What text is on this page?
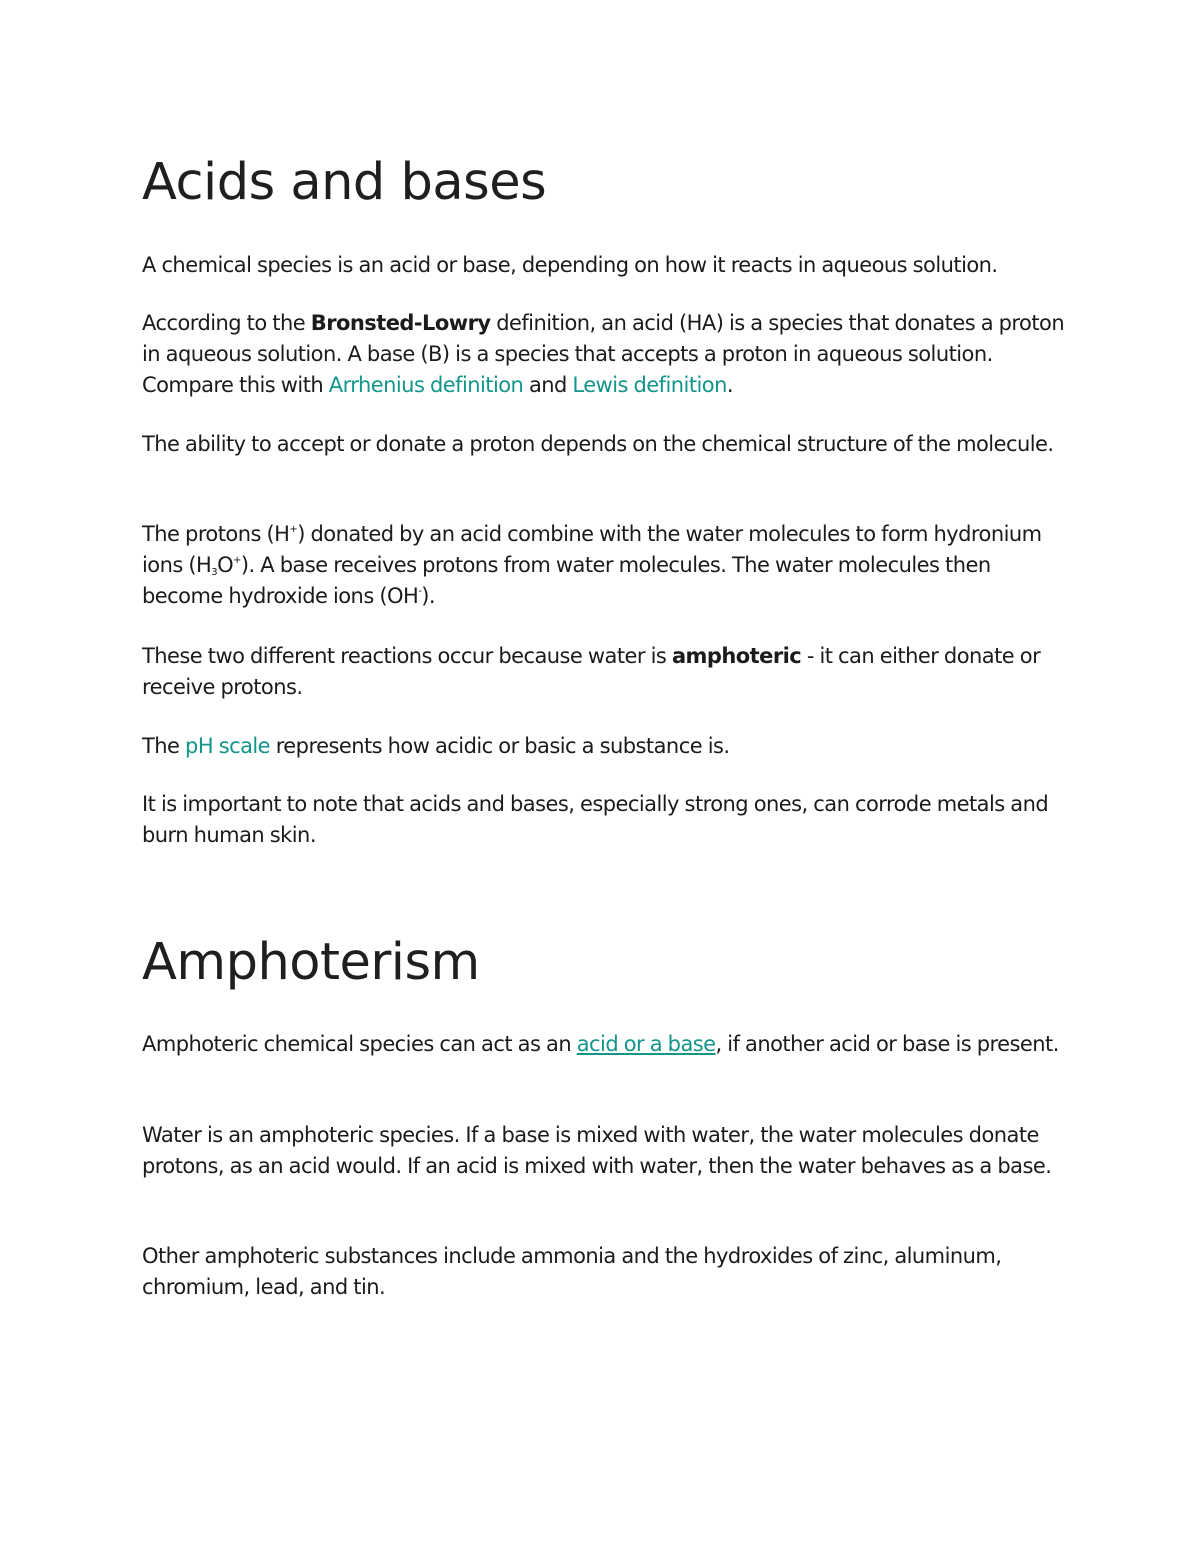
Acids and bases

A chemical species is an acid or base, depending on how it reacts in aqueous solution.

According to the Bronsted-Lowry definition, an acid (HA) is a species that donates a proton in aqueous solution. A base (B) is a species that accepts a proton in aqueous solution. Compare this with Arrhenius definition and Lewis definition.

The ability to accept or donate a proton depends on the chemical structure of the molecule.

The protons (H+) donated by an acid combine with the water molecules to form hydronium ions $(H_3O^+)$. A base receives protons from water molecules. The water molecules then become hydroxide ions (OH-).

These two different reactions occur because water is amphoteric - it can either donate or receive protons.

The pH scale represents how acidic or basic a substance is.

It is important to note that acids and bases, especially strong ones, can corrode metals and burn human skin.

Amphoterism

Amphoteric chemical species can act as an acid or a base, if another acid or base is present.

Water is an amphoteric species. If a base is mixed with water, the water molecules donate protons, as an acid would. If an acid is mixed with water, then the water behaves as a base.

Other amphoteric substances include ammonia and the hydroxides of zinc, aluminum, chromium, lead, and tin.
